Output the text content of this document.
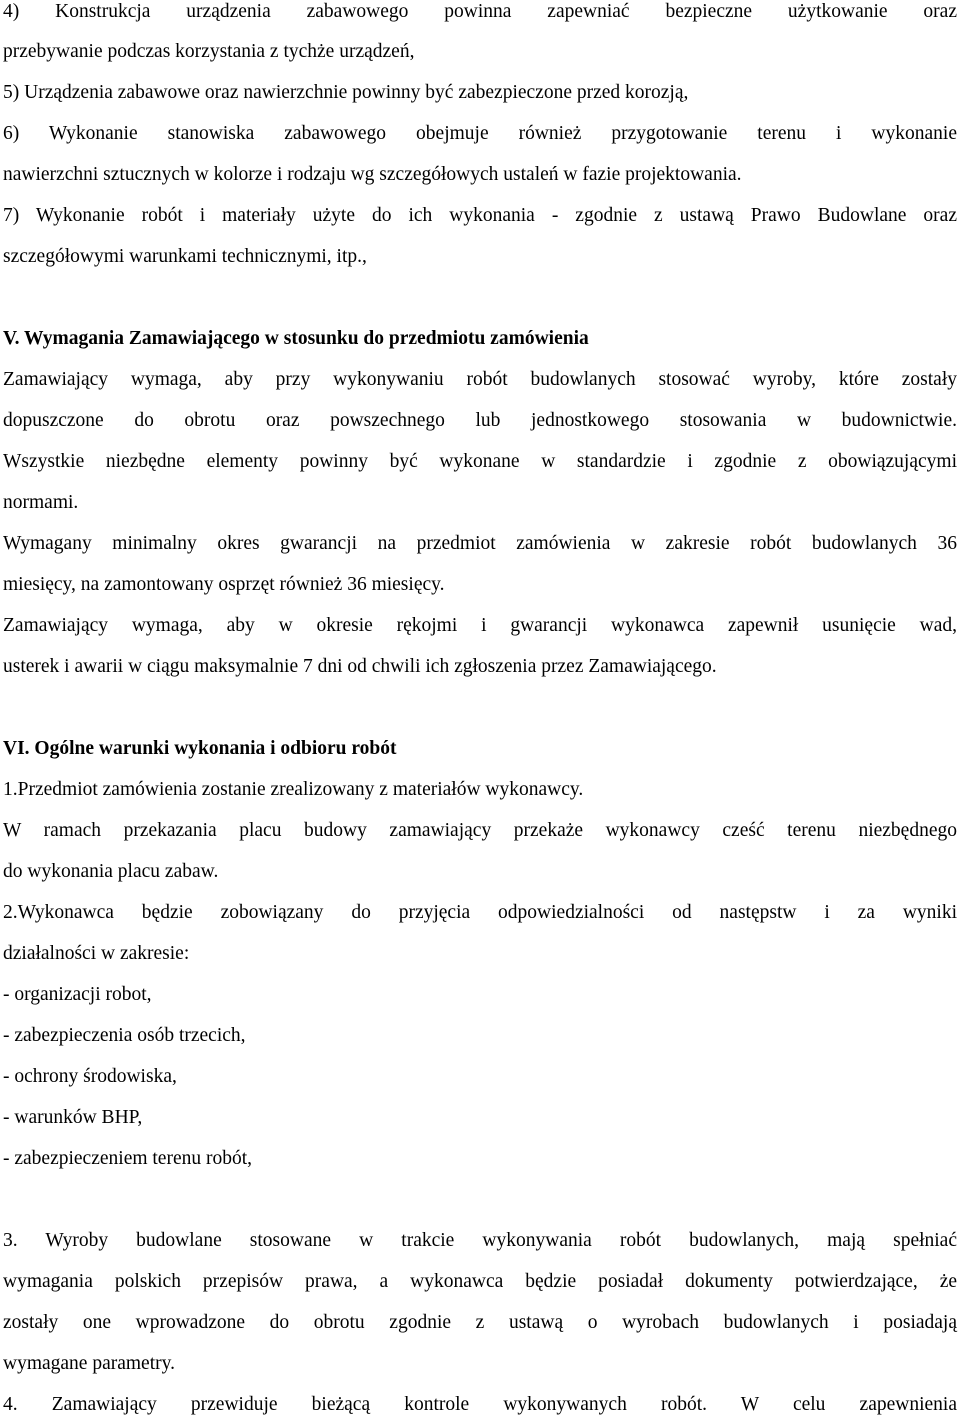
4) Konstrukcja urządzenia zabawowego powinna zapewniać bezpieczne użytkowanie oraz
przebywanie podczas korzystania z tychże urządzeń,
5) Urządzenia zabawowe oraz nawierzchnie powinny być zabezpieczone przed korozją,
6) Wykonanie stanowiska zabawowego obejmuje również przygotowanie terenu i wykonanie
nawierzchni sztucznych w kolorze i rodzaju wg szczegółowych ustaleń w fazie projektowania.
7) Wykonanie robót i materiały użyte do ich wykonania - zgodnie z ustawą Prawo Budowlane oraz
szczegółowymi warunkami technicznymi, itp.,
V. Wymagania Zamawiającego w stosunku do przedmiotu zamówienia
Zamawiający wymaga, aby przy wykonywaniu robót budowlanych stosować wyroby, które zostały
dopuszczone do obrotu oraz powszechnego lub jednostkowego stosowania w budownictwie.
Wszystkie niezbędne elementy powinny być wykonane w standardzie i zgodnie z obowiązującymi
normami.
Wymagany minimalny okres gwarancji na przedmiot zamówienia w zakresie robót budowlanych 36
miesięcy, na zamontowany osprzęt również 36 miesięcy.
Zamawiający wymaga, aby w okresie rękojmi i gwarancji wykonawca zapewnił usunięcie wad,
usterek i awarii w ciągu maksymalnie 7 dni od chwili ich zgłoszenia przez Zamawiającego.
VI. Ogólne warunki wykonania i odbioru robót
1.Przedmiot zamówienia zostanie zrealizowany z materiałów wykonawcy.
W ramach przekazania placu budowy zamawiający przekaże wykonawcy cześć terenu niezbędnego
do wykonania placu zabaw.
2.Wykonawca będzie zobowiązany do przyjęcia odpowiedzialności od następstw i za wyniki
działalności w zakresie:
- organizacji robot,
- zabezpieczenia osób trzecich,
- ochrony środowiska,
- warunków BHP,
- zabezpieczeniem terenu robót,
3. Wyroby budowlane stosowane w trakcie wykonywania robót budowlanych, mają spełniać
wymagania polskich przepisów prawa, a wykonawca będzie posiadał dokumenty potwierdzające, że
zostały one wprowadzone do obrotu zgodnie z ustawą o wyrobach budowlanych i posiadają
wymagane parametry.
4. Zamawiający przewiduje bieżącą kontrole wykonywanych robót. W celu zapewnienia
